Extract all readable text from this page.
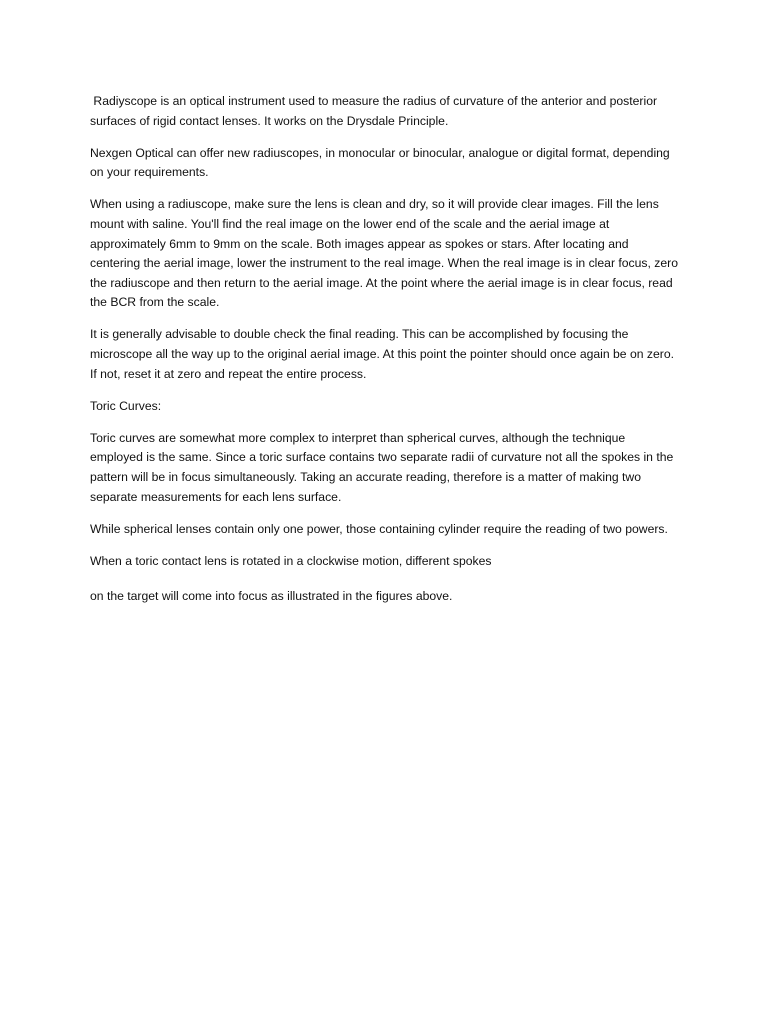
Radiyscope is an optical instrument used to measure the radius of curvature of the anterior and posterior surfaces of rigid contact lenses. It works on the Drysdale Principle.

Nexgen Optical can offer new radiuscopes, in monocular or binocular, analogue or digital format, depending on your requirements.

When using a radiuscope, make sure the lens is clean and dry, so it will provide clear images. Fill the lens mount with saline. You'll find the real image on the lower end of the scale and the aerial image at approximately 6mm to 9mm on the scale. Both images appear as spokes or stars. After locating and centering the aerial image, lower the instrument to the real image. When the real image is in clear focus, zero the radiuscope and then return to the aerial image. At the point where the aerial image is in clear focus, read the BCR from the scale.

It is generally advisable to double check the final reading. This can be accomplished by focusing the microscope all the way up to the original aerial image. At this point the pointer should once again be on zero. If not, reset it at zero and repeat the entire process.

Toric Curves:

Toric curves are somewhat more complex to interpret than spherical curves, although the technique employed is the same. Since a toric surface contains two separate radii of curvature not all the spokes in the pattern will be in focus simultaneously. Taking an accurate reading, therefore is a matter of making two separate measurements for each lens surface.

While spherical lenses contain only one power, those containing cylinder require the reading of two powers.

When a toric contact lens is rotated in a clockwise motion, different spokes

on the target will come into focus as illustrated in the figures above.
